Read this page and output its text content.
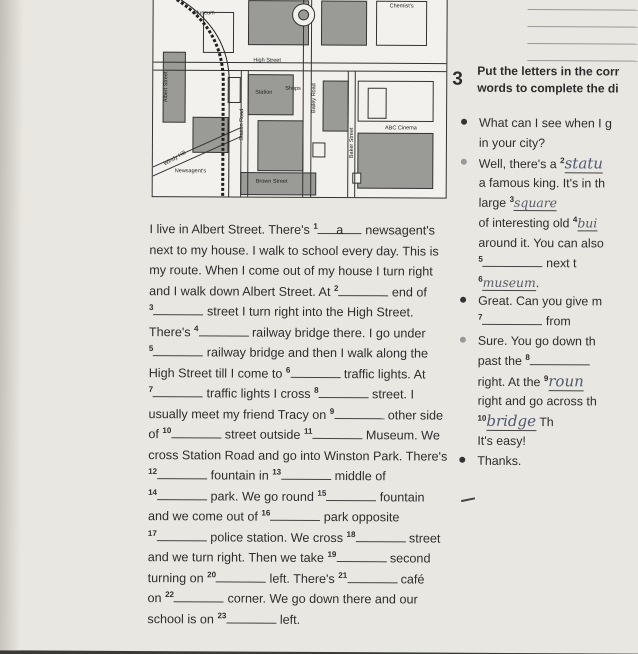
Chemist's
Museum
High Street
Station
Shops
Albert Street
Station Road
Bailey Road
Baker Street	ABC Cinema
Windy Hill
Newsagent's
Brown Street
I live in Albert Street. There's $^1$ a newsagent's
next to my house. I walk to school every day. This is
my route. When I come out of my house I turn right
and I walk down Albert Street. At $^2$	end of
$^3$	street I turn right into the High Street.
There's $^4$	railway bridge there. I go under
$^5$	railway bridge and then I walk along the
High Street till I come to $^6$	traffic lights. At
$^7$	traffic lights I cross $^8$	street. I
usually meet my friend Tracy on $^9$	other side
of $^{10}$	street outside $^{11}$	Museum. We
cross Station Road and go into Winston Park. There's
$^{12}$	fountain in $^{13}$	middle of
$^{14}$	park. We go round $^{15}$	fountain
and we come out of $^{16}$	park opposite
$^{17}$	police station. We cross $^{18}$	street
and we turn right. Then we take $^{19}$	second
turning on $^{20}$	left. There's $^{21}$	café
on $^{22}$	corner. We go down there and our
school is on $^{23}$	left.
3 Put the letters in the corr
words to complete the di
What can I see when I g
in your city?
Well, there's a $^2$statu
a famous king. It's in th
large $^3$square
of interesting old $^4$bui
around it. You can also
$^5$	next t
$^6$museum.
Great. Can you give m
$^7$	from
Sure. You go down th
past the $^8$
right. At the $^9$roun
right and go across th
$^{10}$bridge Th
It's easy!
Thanks.
